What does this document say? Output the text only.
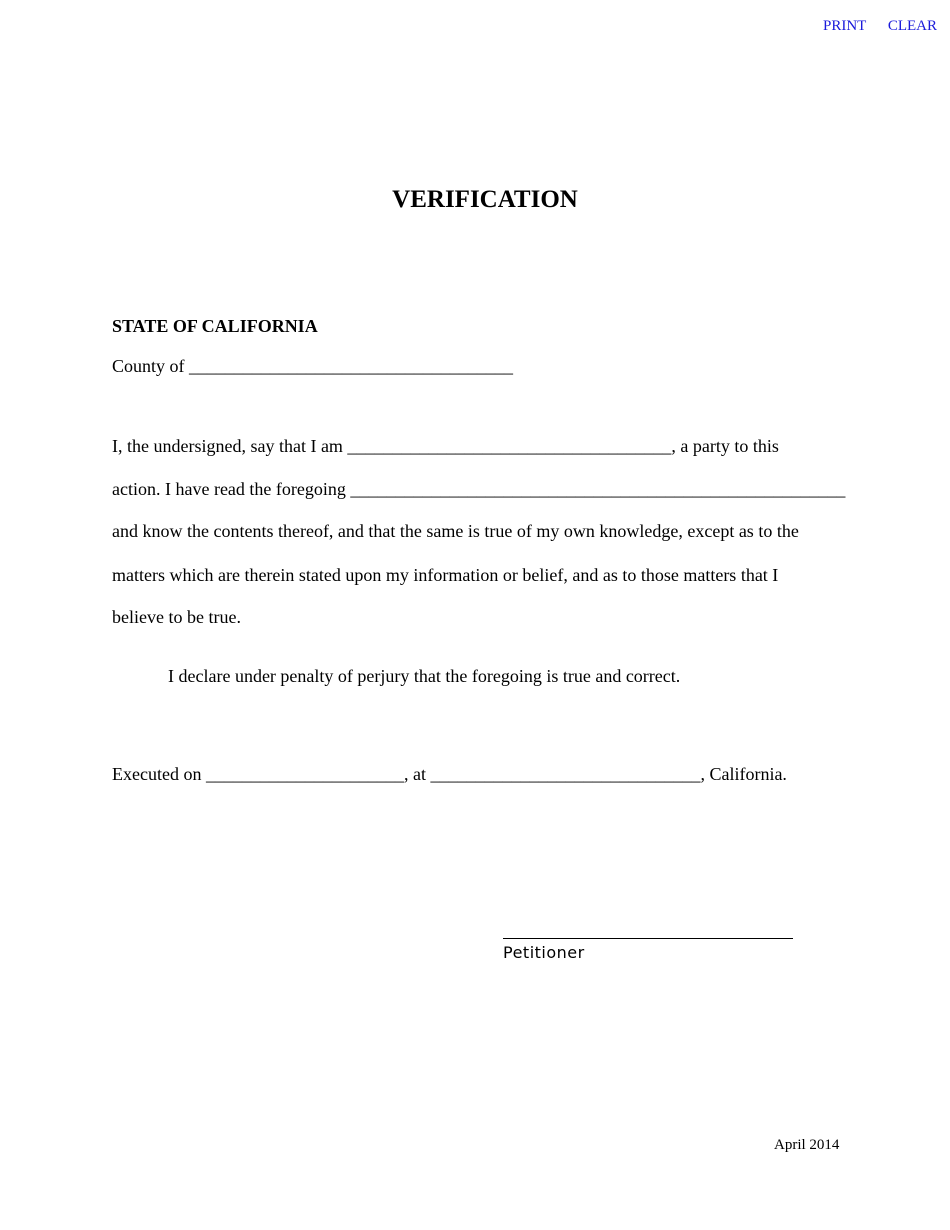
PRINT CLEAR
VERIFICATION
STATE OF CALIFORNIA
County of ____________________________________
I, the undersigned, say that I am ____________________________________, a party to this
action. I have read the foregoing _______________________________________________________
and know the contents thereof, and that the same is true of my own knowledge, except as to the
matters which are therein stated upon my information or belief, and as to those matters that I
believe to be true.
I declare under penalty of perjury that the foregoing is true and correct.
Executed on ______________________, at ______________________________, California.
Petitioner
April 2014
